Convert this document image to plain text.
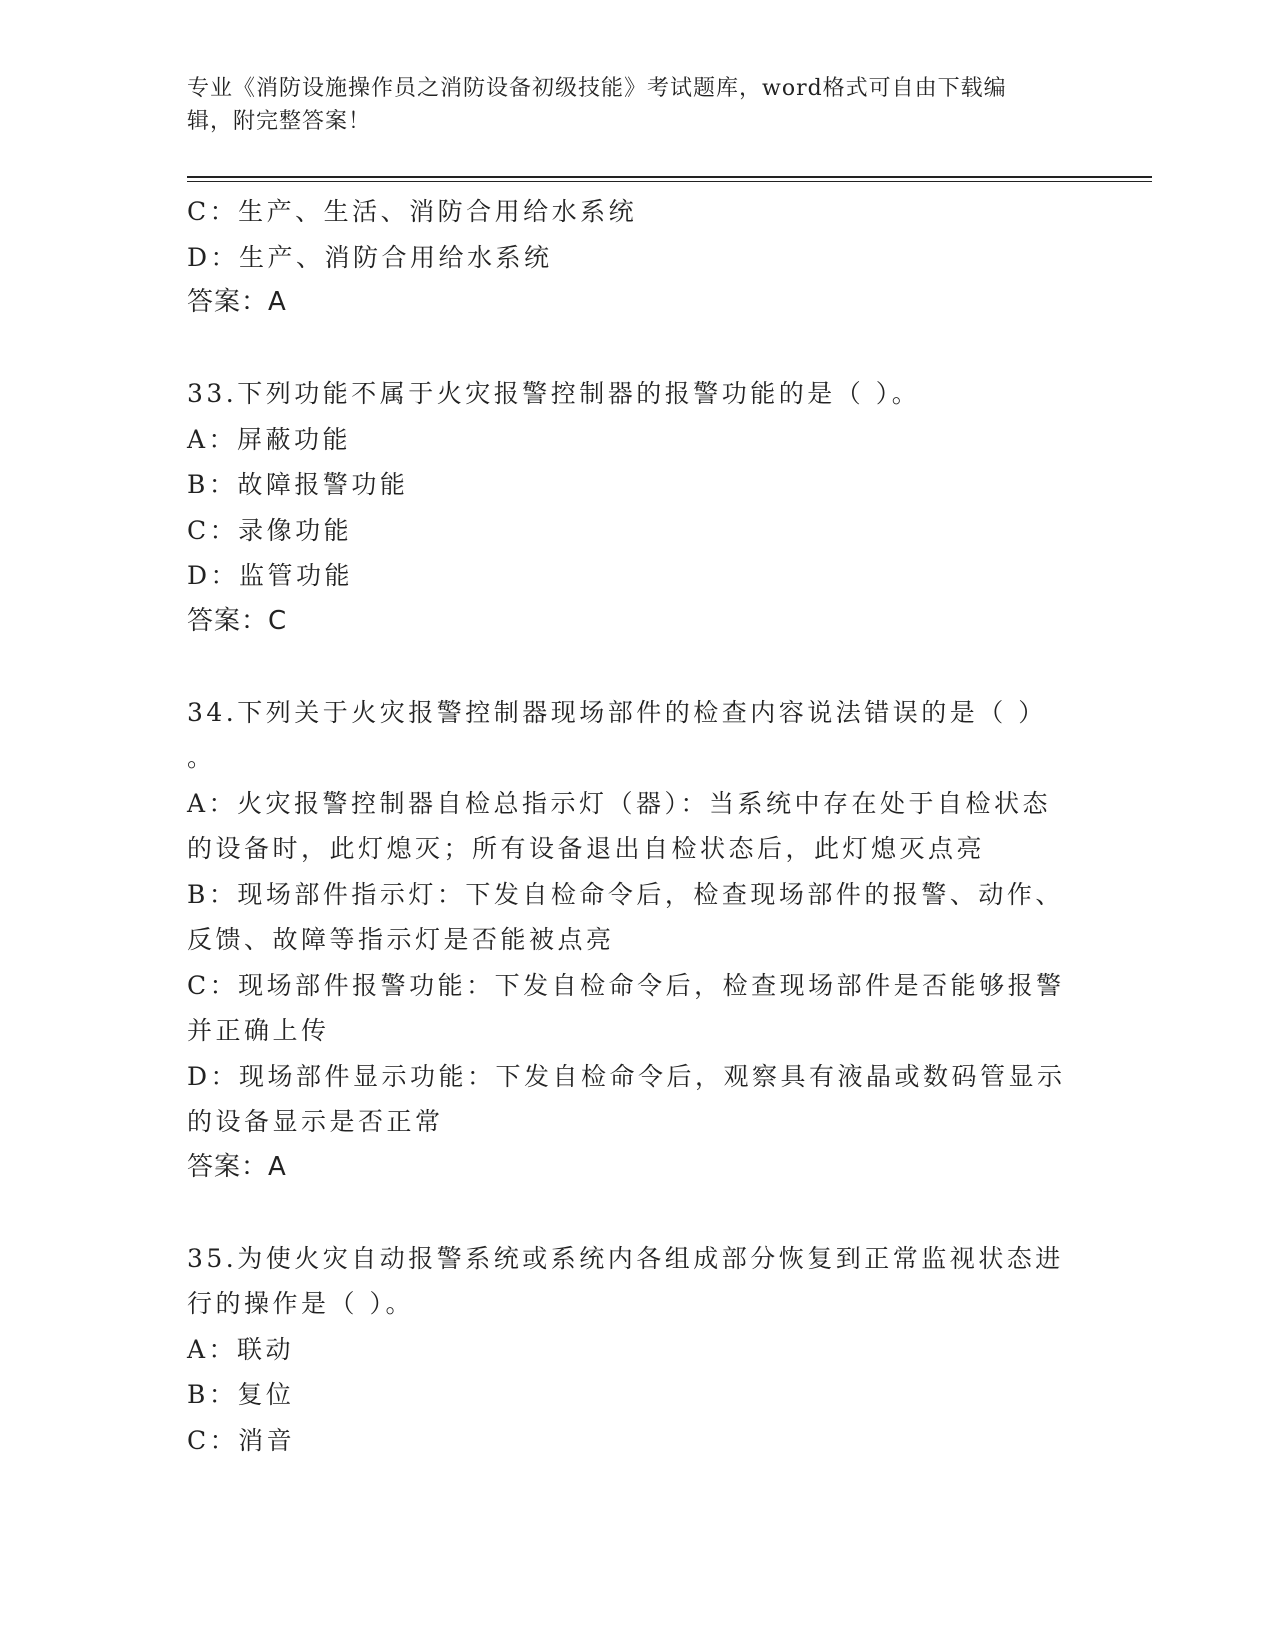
专业《消防设施操作员之消防设备初级技能》考试题库，word格式可自由下载编
辑，附完整答案！
C：生产、生活、消防合用给水系统
D：生产、消防合用给水系统
答案：A
33.下列功能不属于火灾报警控制器的报警功能的是（ ）。
A：屏蔽功能
B：故障报警功能
C：录像功能
D：监管功能
答案：C
34.下列关于火灾报警控制器现场部件的检查内容说法错误的是（ ）
。
A：火灾报警控制器自检总指示灯（器）：当系统中存在处于自检状态
的设备时，此灯熄灭；所有设备退出自检状态后，此灯熄灭点亮
B：现场部件指示灯：下发自检命令后，检查现场部件的报警、动作、
反馈、故障等指示灯是否能被点亮
C：现场部件报警功能：下发自检命令后，检查现场部件是否能够报警
并正确上传
D：现场部件显示功能：下发自检命令后，观察具有液晶或数码管显示
的设备显示是否正常
答案：A
35.为使火灾自动报警系统或系统内各组成部分恢复到正常监视状态进
行的操作是（ ）。
A：联动
B：复位
C：消音
